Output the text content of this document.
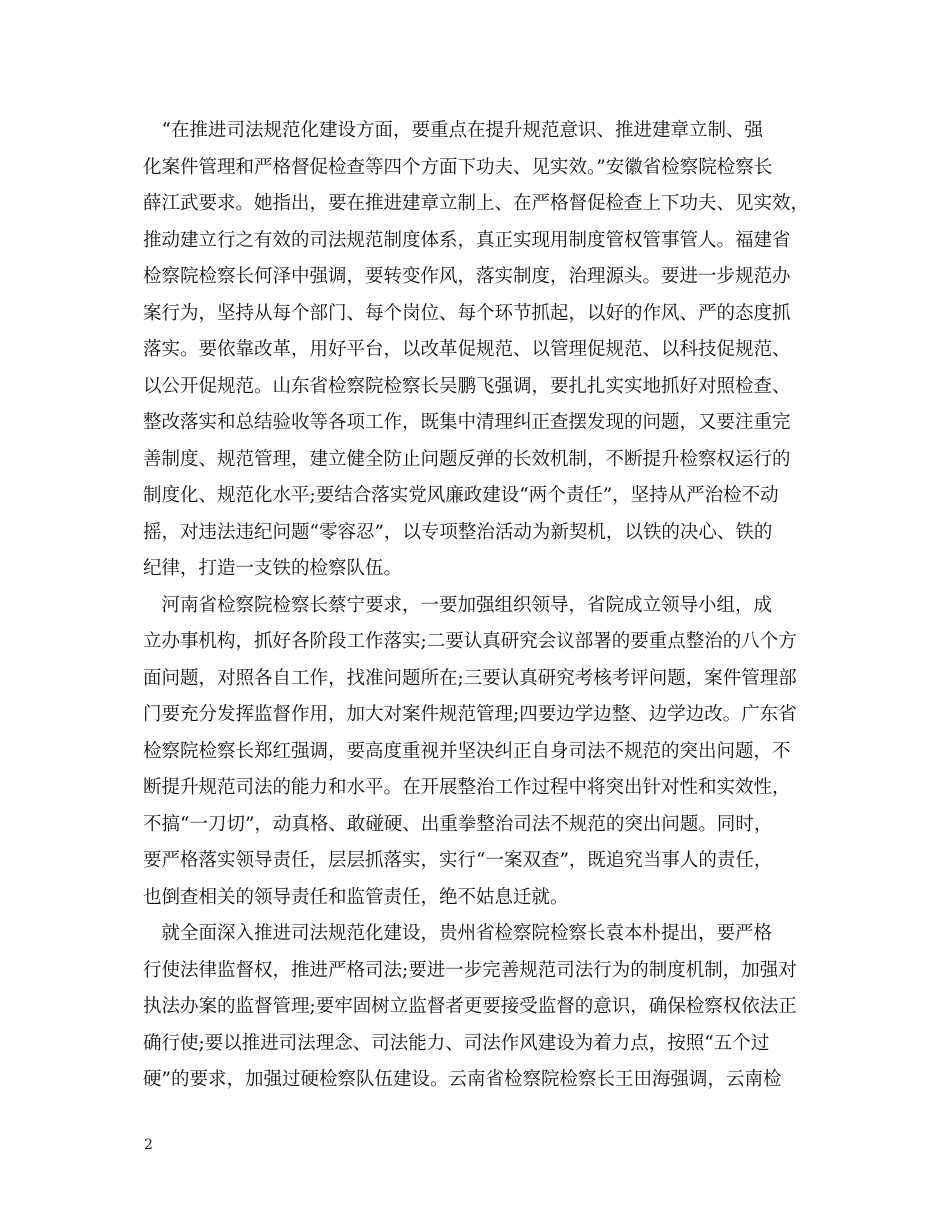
　“在推进司法规范化建设方面，要重点在提升规范意识、推进建章立制、强
化案件管理和严格督促检查等四个方面下功夫、见实效。”安徽省检察院检察长
薛江武要求。她指出，要在推进建章立制上、在严格督促检查上下功夫、见实效，
推动建立行之有效的司法规范制度体系，真正实现用制度管权管事管人。福建省
检察院检察长何泽中强调，要转变作风，落实制度，治理源头。要进一步规范办
案行为，坚持从每个部门、每个岗位、每个环节抓起，以好的作风、严的态度抓
落实。要依靠改革，用好平台，以改革促规范、以管理促规范、以科技促规范、
以公开促规范。山东省检察院检察长吴鹏飞强调，要扎扎实实地抓好对照检查、
整改落实和总结验收等各项工作，既集中清理纠正查摆发现的问题，又要注重完
善制度、规范管理，建立健全防止问题反弹的长效机制，不断提升检察权运行的
制度化、规范化水平;要结合落实党风廉政建设“两个责任”，坚持从严治检不动
摇，对违法违纪问题“零容忍”，以专项整治活动为新契机，以铁的决心、铁的
纪律，打造一支铁的检察队伍。
　河南省检察院检察长蔡宁要求，一要加强组织领导，省院成立领导小组，成
立办事机构，抓好各阶段工作落实;二要认真研究会议部署的要重点整治的八个方
面问题，对照各自工作，找准问题所在;三要认真研究考核考评问题，案件管理部
门要充分发挥监督作用，加大对案件规范管理;四要边学边整、边学边改。广东省
检察院检察长郑红强调，要高度重视并坚决纠正自身司法不规范的突出问题，不
断提升规范司法的能力和水平。在开展整治工作过程中将突出针对性和实效性，
不搞“一刀切”，动真格、敢碰硬、出重拳整治司法不规范的突出问题。同时，
要严格落实领导责任，层层抓落实，实行“一案双查”，既追究当事人的责任，
也倒查相关的领导责任和监管责任，绝不姑息迁就。
　就全面深入推进司法规范化建设，贵州省检察院检察长袁本朴提出，要严格
行使法律监督权，推进严格司法;要进一步完善规范司法行为的制度机制，加强对
执法办案的监督管理;要牢固树立监督者更要接受监督的意识，确保检察权依法正
确行使;要以推进司法理念、司法能力、司法作风建设为着力点，按照“五个过
硬”的要求，加强过硬检察队伍建设。云南省检察院检察长王田海强调，云南检
2
